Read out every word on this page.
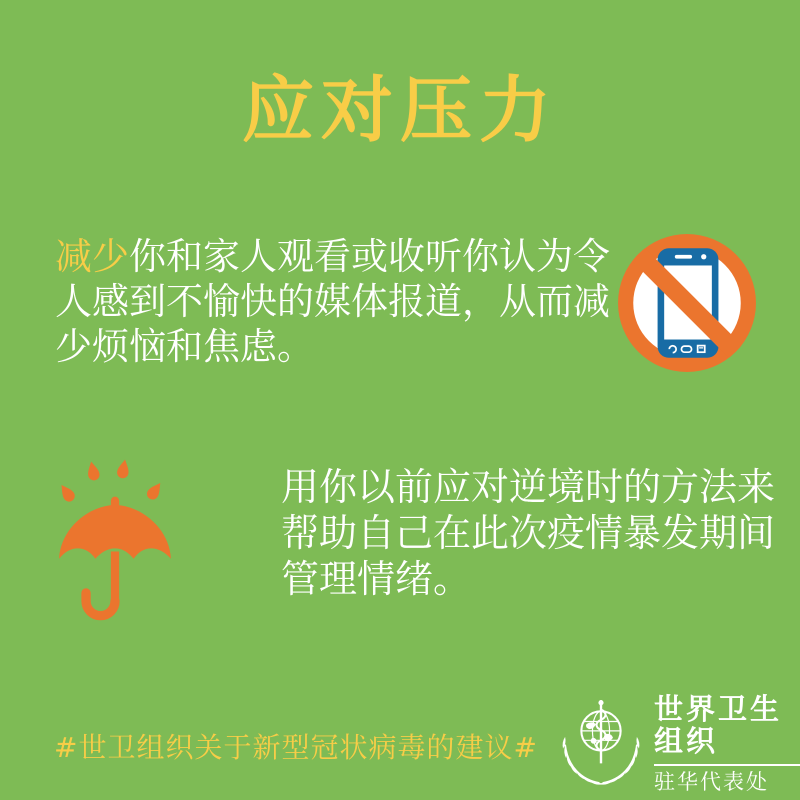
应对压力

减少你和家人观看或收听你认为令人感到不愉快的媒体报道，从而减少烦恼和焦虑。

用你以前应对逆境时的方法来帮助自己在此次疫情暴发期间管理情绪。

#世卫组织关于新型冠状病毒的建议#
世界卫生组织
驻华代表处
